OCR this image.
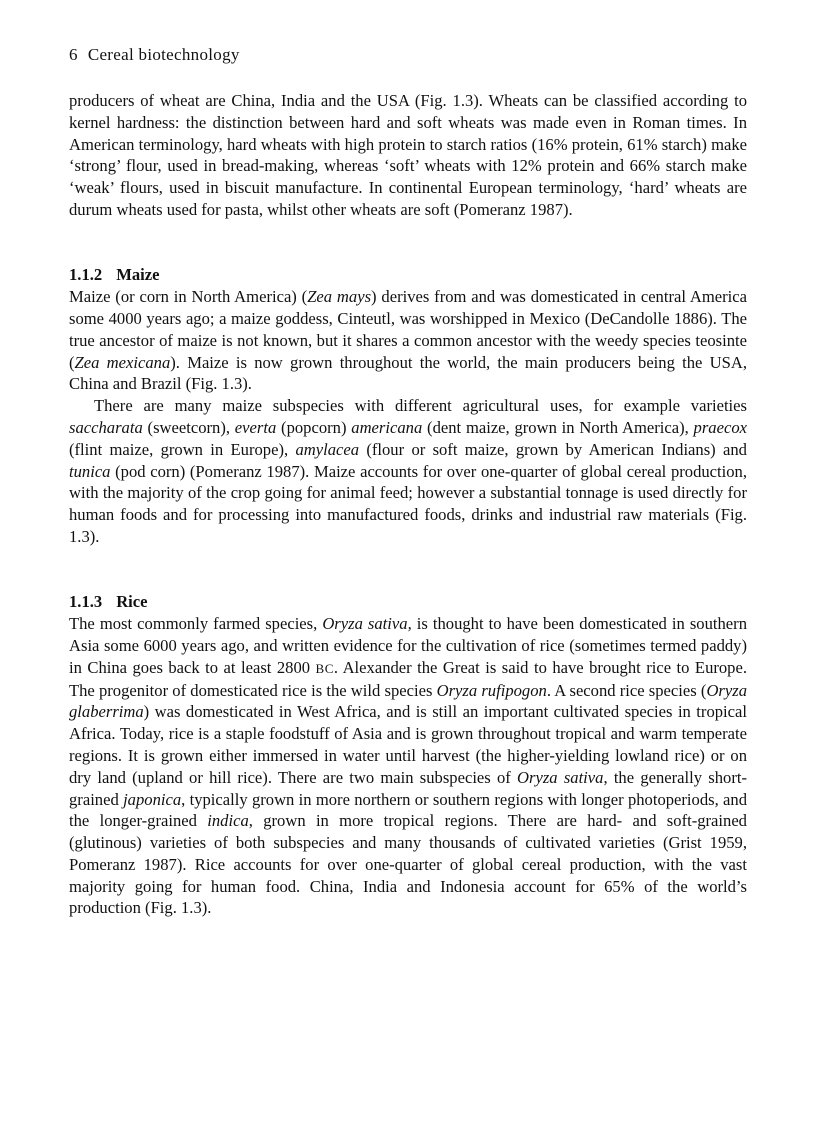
6 Cereal biotechnology

producers of wheat are China, India and the USA (Fig. 1.3). Wheats can be classified according to kernel hardness: the distinction between hard and soft wheats was made even in Roman times. In American terminology, hard wheats with high protein to starch ratios (16% protein, 61% starch) make ‘strong’ flour, used in bread-making, whereas ‘soft’ wheats with 12% protein and 66% starch make ‘weak’ flours, used in biscuit manufacture. In continental European terminology, ‘hard’ wheats are durum wheats used for pasta, whilst other wheats are soft (Pomeranz 1987).

1.1.2 Maize

Maize (or corn in North America) (Zea mays) derives from and was domesticated in central America some 4000 years ago; a maize goddess, Cinteutl, was worshipped in Mexico (DeCandolle 1886). The true ancestor of maize is not known, but it shares a common ancestor with the weedy species teosinte (Zea mexicana). Maize is now grown throughout the world, the main producers being the USA, China and Brazil (Fig. 1.3).

There are many maize subspecies with different agricultural uses, for example varieties saccharata (sweetcorn), everta (popcorn) americana (dent maize, grown in North America), praecox (flint maize, grown in Europe), amylacea (flour or soft maize, grown by American Indians) and tunica (pod corn) (Pomeranz 1987). Maize accounts for over one-quarter of global cereal production, with the majority of the crop going for animal feed; however a substantial tonnage is used directly for human foods and for processing into manufactured foods, drinks and industrial raw materials (Fig. 1.3).

1.1.3 Rice

The most commonly farmed species, Oryza sativa, is thought to have been domesticated in southern Asia some 6000 years ago, and written evidence for the cultivation of rice (sometimes termed paddy) in China goes back to at least 2800 BC. Alexander the Great is said to have brought rice to Europe. The progenitor of domesticated rice is the wild species Oryza rufipogon. A second rice species (Oryza glaberrima) was domesticated in West Africa, and is still an important cultivated species in tropical Africa. Today, rice is a staple foodstuff of Asia and is grown throughout tropical and warm temperate regions. It is grown either immersed in water until harvest (the higher-yielding lowland rice) or on dry land (upland or hill rice). There are two main subspecies of Oryza sativa, the generally short-grained japonica, typically grown in more northern or southern regions with longer photoperiods, and the longer-grained indica, grown in more tropical regions. There are hard- and soft-grained (glutinous) varieties of both subspecies and many thousands of cultivated varieties (Grist 1959, Pomeranz 1987). Rice accounts for over one-quarter of global cereal production, with the vast majority going for human food. China, India and Indonesia account for 65% of the world’s production (Fig. 1.3).
